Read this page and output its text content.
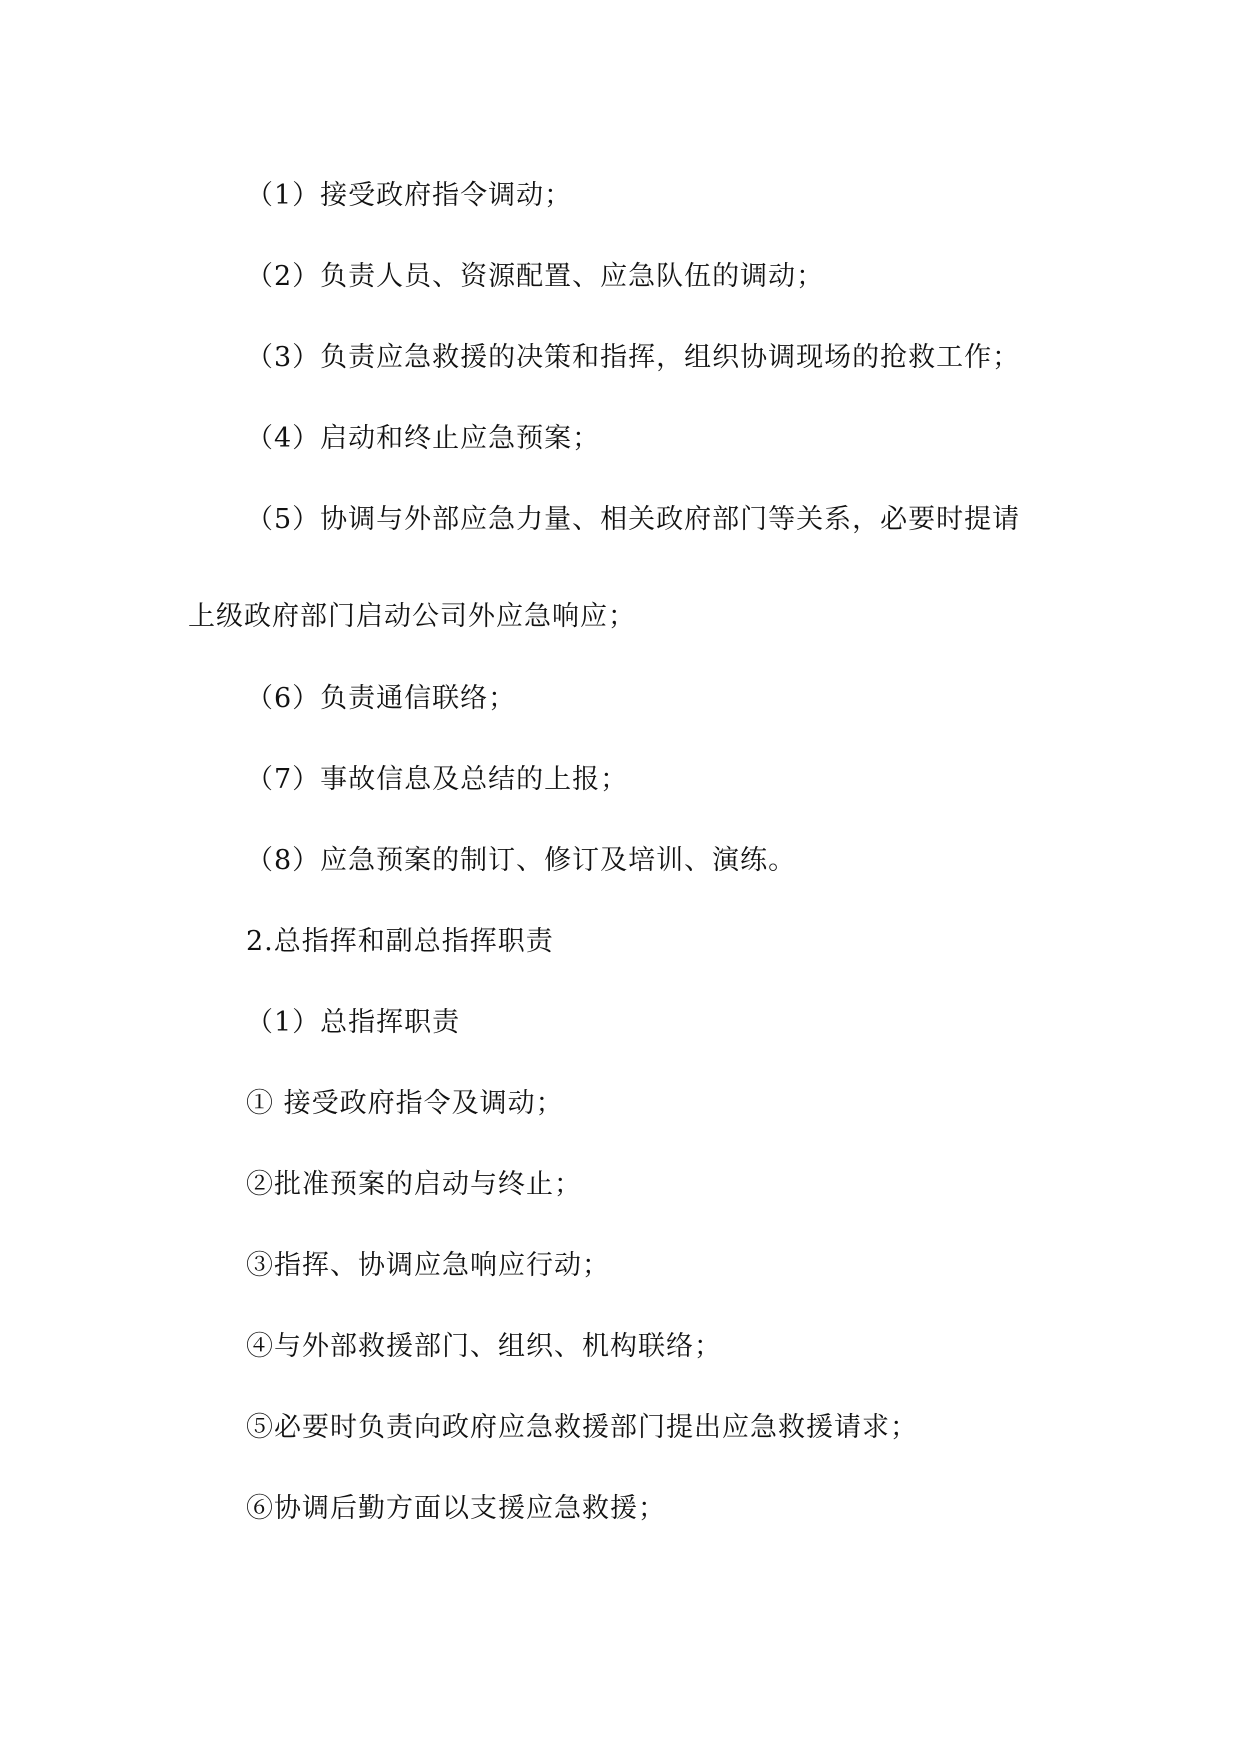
（1）接受政府指令调动；
（2）负责人员、资源配置、应急队伍的调动；
（3）负责应急救援的决策和指挥，组织协调现场的抢救工作；
（4）启动和终止应急预案；
（5）协调与外部应急力量、相关政府部门等关系，必要时提请
上级政府部门启动公司外应急响应；
（6）负责通信联络；
（7）事故信息及总结的上报；
（8）应急预案的制订、修订及培训、演练。
2.总指挥和副总指挥职责
（1）总指挥职责
① 接受政府指令及调动；
②批准预案的启动与终止；
③指挥、协调应急响应行动；
④与外部救援部门、组织、机构联络；
⑤必要时负责向政府应急救援部门提出应急救援请求；
⑥协调后勤方面以支援应急救援；
